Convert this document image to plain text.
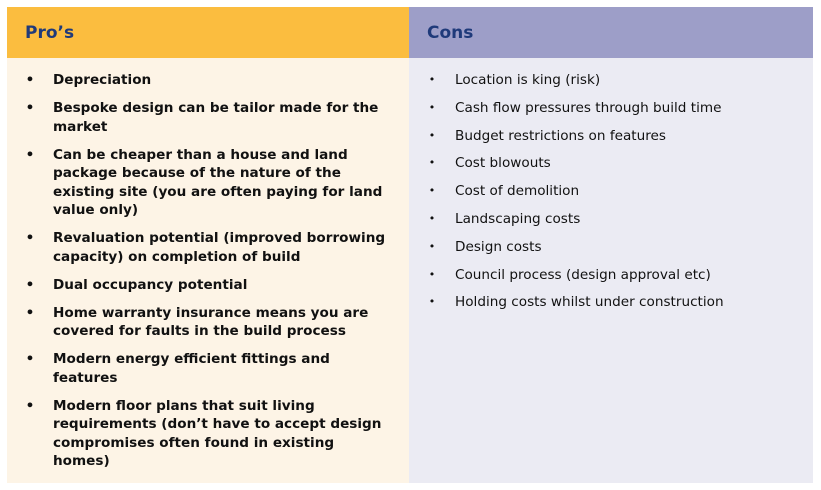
Pro’s
• Depreciation
• Bespoke design can be tailor made for the market
• Can be cheaper than a house and land package because of the nature of the existing site (you are often paying for land value only)
• Revaluation potential (improved borrowing capacity) on completion of build
• Dual occupancy potential
• Home warranty insurance means you are covered for faults in the build process
• Modern energy efficient fittings and features
• Modern floor plans that suit living requirements (don’t have to accept design compromises often found in existing homes)
Cons
• Location is king (risk)
• Cash flow pressures through build time
• Budget restrictions on features
• Cost blowouts
• Cost of demolition
• Landscaping costs
• Design costs
• Council process (design approval etc)
• Holding costs whilst under construction
